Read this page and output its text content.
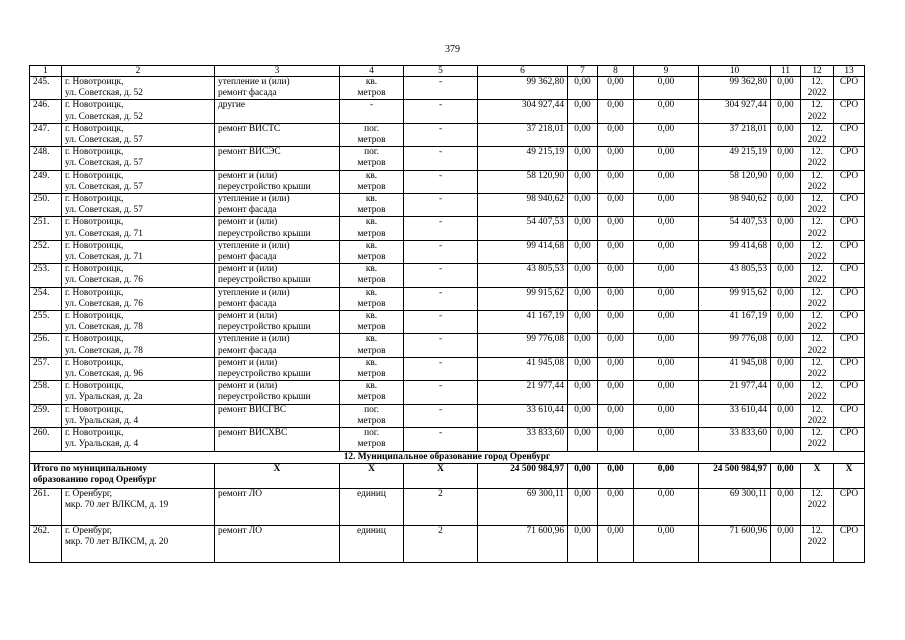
379
1	2	3	4	5	6	7	8	9	10	11	12	13
245.	г. Новотроицк,
ул. Советская, д. 52	утепление и (или)
ремонт фасада	кв.
метров	-	99 362,80	0,00	0,00	0,00	99 362,80	0,00	12.
2022	СРО
246.	г. Новотроицк,
ул. Советская, д. 52	другие	-	-	304 927,44	0,00	0,00	0,00	304 927,44	0,00	12.
2022	СРО
247.	г. Новотроицк,
ул. Советская, д. 57	ремонт ВИСТС	пог.
метров	-	37 218,01	0,00	0,00	0,00	37 218,01	0,00	12.
2022	СРО
248.	г. Новотроицк,
ул. Советская, д. 57	ремонт ВИСЭС	пог.
метров	-	49 215,19	0,00	0,00	0,00	49 215,19	0,00	12.
2022	СРО
249.	г. Новотроицк,
ул. Советская, д. 57	ремонт и (или)
переустройство крыши	кв.
метров	-	58 120,90	0,00	0,00	0,00	58 120,90	0,00	12.
2022	СРО
250.	г. Новотроицк,
ул. Советская, д. 57	утепление и (или)
ремонт фасада	кв.
метров	-	98 940,62	0,00	0,00	0,00	98 940,62	0,00	12.
2022	СРО
251.	г. Новотроицк,
ул. Советская, д. 71	ремонт и (или)
переустройство крыши	кв.
метров	-	54 407,53	0,00	0,00	0,00	54 407,53	0,00	12.
2022	СРО
252.	г. Новотроицк,
ул. Советская, д. 71	утепление и (или)
ремонт фасада	кв.
метров	-	99 414,68	0,00	0,00	0,00	99 414,68	0,00	12.
2022	СРО
253.	г. Новотроицк,
ул. Советская, д. 76	ремонт и (или)
переустройство крыши	кв.
метров	-	43 805,53	0,00	0,00	0,00	43 805,53	0,00	12.
2022	СРО
254.	г. Новотроицк,
ул. Советская, д. 76	утепление и (или)
ремонт фасада	кв.
метров	-	99 915,62	0,00	0,00	0,00	99 915,62	0,00	12.
2022	СРО
255.	г. Новотроицк,
ул. Советская, д. 78	ремонт и (или)
переустройство крыши	кв.
метров	-	41 167,19	0,00	0,00	0,00	41 167,19	0,00	12.
2022	СРО
256.	г. Новотроицк,
ул. Советская, д. 78	утепление и (или)
ремонт фасада	кв.
метров	-	99 776,08	0,00	0,00	0,00	99 776,08	0,00	12.
2022	СРО
257.	г. Новотроицк,
ул. Советская, д. 96	ремонт и (или)
переустройство крыши	кв.
метров	-	41 945,08	0,00	0,00	0,00	41 945,08	0,00	12.
2022	СРО
258.	г. Новотроицк,
ул. Уральская, д. 2а	ремонт и (или)
переустройство крыши	кв.
метров	-	21 977,44	0,00	0,00	0,00	21 977,44	0,00	12.
2022	СРО
259.	г. Новотроицк,
ул. Уральская, д. 4	ремонт ВИСГВС	пог.
метров	-	33 610,44	0,00	0,00	0,00	33 610,44	0,00	12.
2022	СРО
260.	г. Новотроицк,
ул. Уральская, д. 4	ремонт ВИСХВС	пог.
метров	-	33 833,60	0,00	0,00	0,00	33 833,60	0,00	12.
2022	СРО
12. Муниципальное образование город Оренбург												

Итого по муниципальному
образованию город Оренбург		X	X	X	24 500 984,97	0,00	0,00	0,00	24 500 984,97	0,00	X	X
261.	г. Оренбург,
мкр. 70 лет ВЛКСМ, д. 19	ремонт ЛО	единиц	2	69 300,11	0,00	0,00	0,00	69 300,11	0,00	12.
2022	СРО
262.	г. Оренбург,
мкр. 70 лет ВЛКСМ, д. 20	ремонт ЛО	единиц	2	71 600,96	0,00	0,00	0,00	71 600,96	0,00	12.
2022	СРО
